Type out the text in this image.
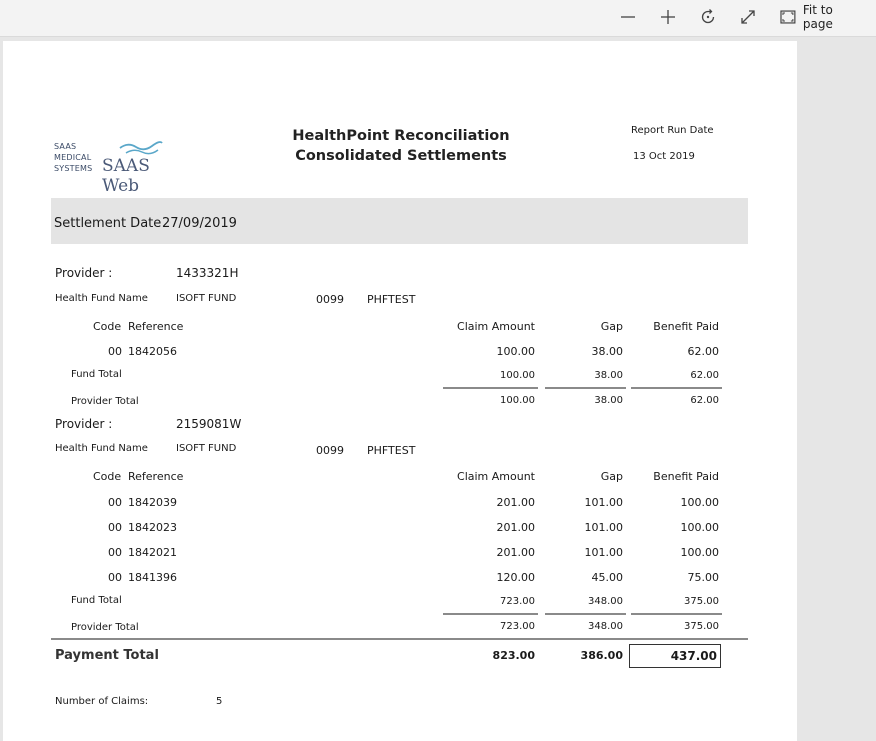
Fit to page
SAAS
MEDICAL
SYSTEMS SAAS Web
HealthPoint Reconciliation
Consolidated Settlements
Report Run Date
13 Oct 2019
Settlement Date 27/09/2019
Provider :	1433321H
Health Fund Name	ISOFT FUND	0099 PHFTEST
Code Reference	Claim Amount	Gap	Benefit Paid
00 1842056	100.00	38.00	62.00
Fund Total	100.00	38.00	62.00
Provider Total	100.00	38.00	62.00
Provider :	2159081W
Health Fund Name	ISOFT FUND	0099 PHFTEST
Code Reference	Claim Amount	Gap	Benefit Paid
00 1842039	201.00	101.00	100.00
00 1842023	201.00	101.00	100.00
00 1842021	201.00	101.00	100.00
00 1841396	120.00	45.00	75.00
Fund Total	723.00	348.00	375.00
Provider Total	723.00	348.00	375.00
Payment Total	823.00	386.00	437.00
Number of Claims:	5
